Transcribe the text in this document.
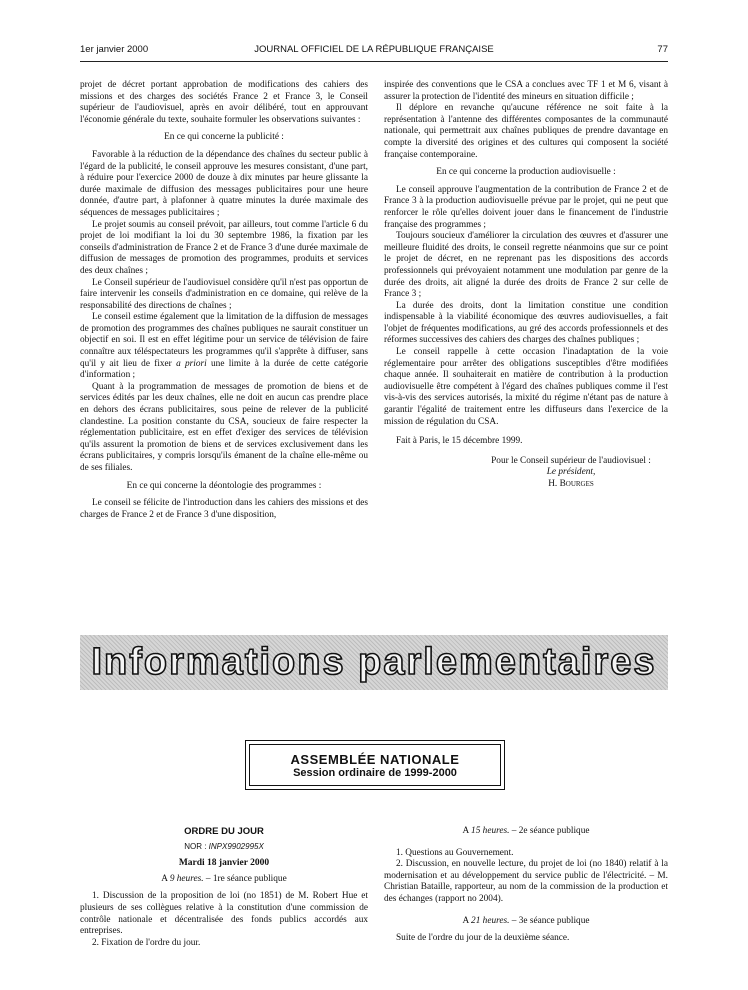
1er janvier 2000	JOURNAL OFFICIEL DE LA RÉPUBLIQUE FRANÇAISE	77

projet de décret portant approbation de modifications des cahiers des missions et des charges des sociétés France 2 et France 3, le Conseil supérieur de l'audiovisuel, après en avoir délibéré, tout en approuvant l'économie générale du texte, souhaite formuler les observations suivantes :

En ce qui concerne la publicité :

Favorable à la réduction de la dépendance des chaînes du secteur public à l'égard de la publicité, le conseil approuve les mesures consistant, d'une part, à réduire pour l'exercice 2000 de douze à dix minutes par heure glissante la durée maximale de diffusion des messages publicitaires pour une heure donnée, d'autre part, à plafonner à quatre minutes la durée maximale des séquences de messages publicitaires ;

Le projet soumis au conseil prévoit, par ailleurs, tout comme l'article 6 du projet de loi modifiant la loi du 30 septembre 1986, la fixation par les conseils d'administration de France 2 et de France 3 d'une durée maximale de diffusion de messages de promotion des programmes, produits et services des deux chaînes ;

Le Conseil supérieur de l'audiovisuel considère qu'il n'est pas opportun de faire intervenir les conseils d'administration en ce domaine, qui relève de la responsabilité des directions de chaînes ;

Le conseil estime également que la limitation de la diffusion de messages de promotion des programmes des chaînes publiques ne saurait constituer un objectif en soi. Il est en effet légitime pour un service de télévision de faire connaître aux téléspectateurs les programmes qu'il s'apprête à diffuser, sans qu'il y ait lieu de fixer a priori une limite à la durée de cette catégorie d'information ;

Quant à la programmation de messages de promotion de biens et de services édités par les deux chaînes, elle ne doit en aucun cas prendre place en dehors des écrans publicitaires, sous peine de relever de la publicité clandestine. La position constante du CSA, soucieux de faire respecter la réglementation publicitaire, est en effet d'exiger des services de télévision qu'ils assurent la promotion de biens et de services exclusivement dans les écrans publicitaires, y compris lorsqu'ils émanent de la chaîne elle-même ou de ses filiales.

En ce qui concerne la déontologie des programmes :

Le conseil se félicite de l'introduction dans les cahiers des missions et des charges de France 2 et de France 3 d'une disposition,

inspirée des conventions que le CSA a conclues avec TF 1 et M 6, visant à assurer la protection de l'identité des mineurs en situation difficile ;

Il déplore en revanche qu'aucune référence ne soit faite à la représentation à l'antenne des différentes composantes de la communauté nationale, qui permettrait aux chaînes publiques de prendre davantage en compte la diversité des origines et des cultures qui composent la société française contemporaine.

En ce qui concerne la production audiovisuelle :

Le conseil approuve l'augmentation de la contribution de France 2 et de France 3 à la production audiovisuelle prévue par le projet, qui ne peut que renforcer le rôle qu'elles doivent jouer dans le financement de l'industrie française des programmes ;

Toujours soucieux d'améliorer la circulation des œuvres et d'assurer une meilleure fluidité des droits, le conseil regrette néanmoins que sur ce point le projet de décret, en ne reprenant pas les dispositions des accords professionnels qui prévoyaient notamment une modulation par genre de la durée des droits, ait aligné la durée des droits de France 2 sur celle de France 3 ;

La durée des droits, dont la limitation constitue une condition indispensable à la viabilité économique des œuvres audiovisuelles, a fait l'objet de fréquentes modifications, au gré des accords professionnels et des réformes successives des cahiers des charges des chaînes publiques ;

Le conseil rappelle à cette occasion l'inadaptation de la voie réglementaire pour arrêter des obligations susceptibles d'être modifiées chaque année. Il souhaiterait en matière de contribution à la production audiovisuelle être compétent à l'égard des chaînes publiques comme il l'est vis-à-vis des services autorisés, la mixité du régime n'étant pas de nature à garantir l'égalité de traitement entre les diffuseurs dans l'exercice de la mission de régulation du CSA.

Fait à Paris, le 15 décembre 1999.

Pour le Conseil supérieur de l'audiovisuel :

Le président,

H. Bourges

Informations parlementaires
ASSEMBLÉE NATIONALE
Session ordinaire de 1999-2000
ORDRE DU JOUR
NOR : INPX9902995X
Mardi 18 janvier 2000
A 9 heures. – 1re séance publique

1. Discussion de la proposition de loi (no 1851) de M. Robert Hue et plusieurs de ses collègues relative à la constitution d'une commission de contrôle nationale et décentralisée des fonds publics accordés aux entreprises.

2. Fixation de l'ordre du jour.

A 15 heures. – 2e séance publique

1. Questions au Gouvernement.

2. Discussion, en nouvelle lecture, du projet de loi (no 1840) relatif à la modernisation et au développement du service public de l'électricité. – M. Christian Bataille, rapporteur, au nom de la commission de la production et des échanges (rapport no 2004).

A 21 heures. – 3e séance publique

Suite de l'ordre du jour de la deuxième séance.
